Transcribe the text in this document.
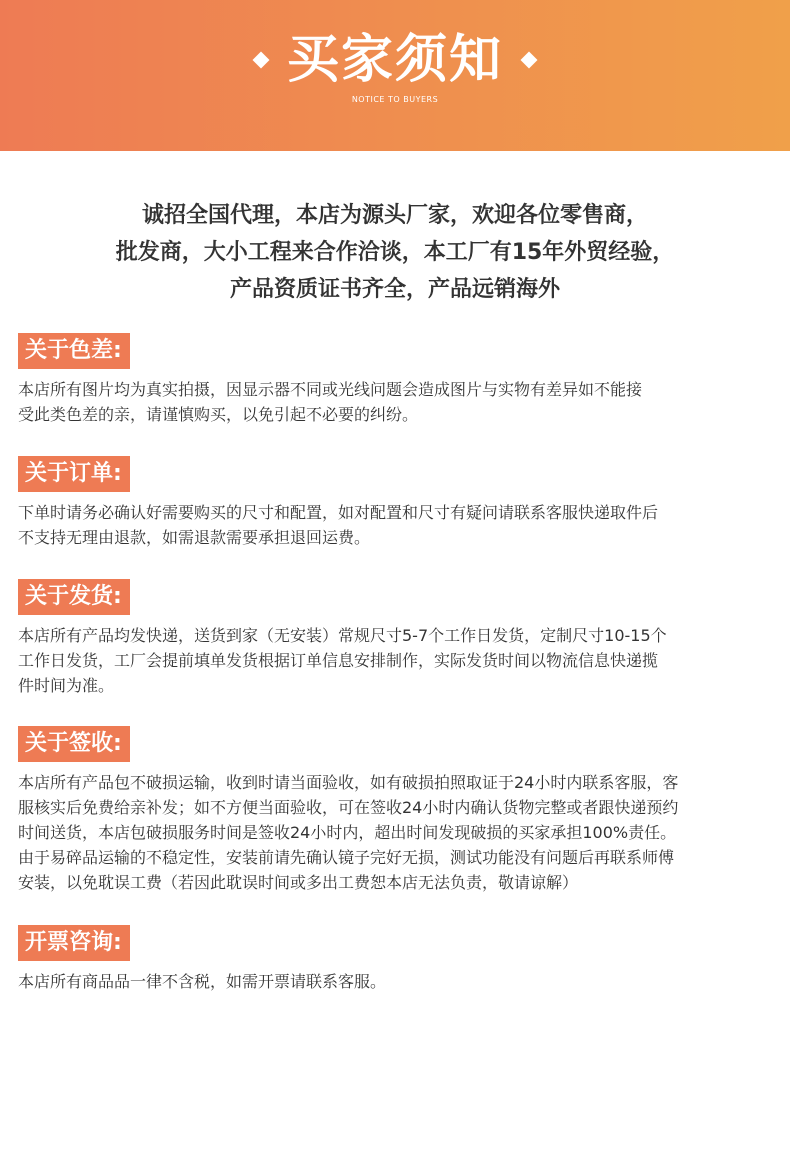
买家须知
NOTICE TO BUYERS
诚招全国代理，本店为源头厂家，欢迎各位零售商，
批发商，大小工程来合作洽谈，本工厂有15年外贸经验，
产品资质证书齐全，产品远销海外
关于色差:
本店所有图片均为真实拍摄，因显示器不同或光线问题会造成图片与实物有差异如不能接
受此类色差的亲，请谨慎购买，以免引起不必要的纠纷。
关于订单:
下单时请务必确认好需要购买的尺寸和配置，如对配置和尺寸有疑问请联系客服快递取件后
不支持无理由退款，如需退款需要承担退回运费。
关于发货:
本店所有产品均发快递，送货到家（无安装）常规尺寸5-7个工作日发货，定制尺寸10-15个
工作日发货，工厂会提前填单发货根据订单信息安排制作，实际发货时间以物流信息快递揽
件时间为准。
关于签收:
本店所有产品包不破损运输，收到时请当面验收，如有破损拍照取证于24小时内联系客服，客
服核实后免费给亲补发；如不方便当面验收，可在签收24小时内确认货物完整或者跟快递预约
时间送货，本店包破损服务时间是签收24小时内，超出时间发现破损的买家承担100%责任。
由于易碎品运输的不稳定性，安装前请先确认镜子完好无损，测试功能没有问题后再联系师傅
安装，以免耽误工费（若因此耽误时间或多出工费恕本店无法负责，敬请谅解）
开票咨询:
本店所有商品品一律不含税，如需开票请联系客服。
